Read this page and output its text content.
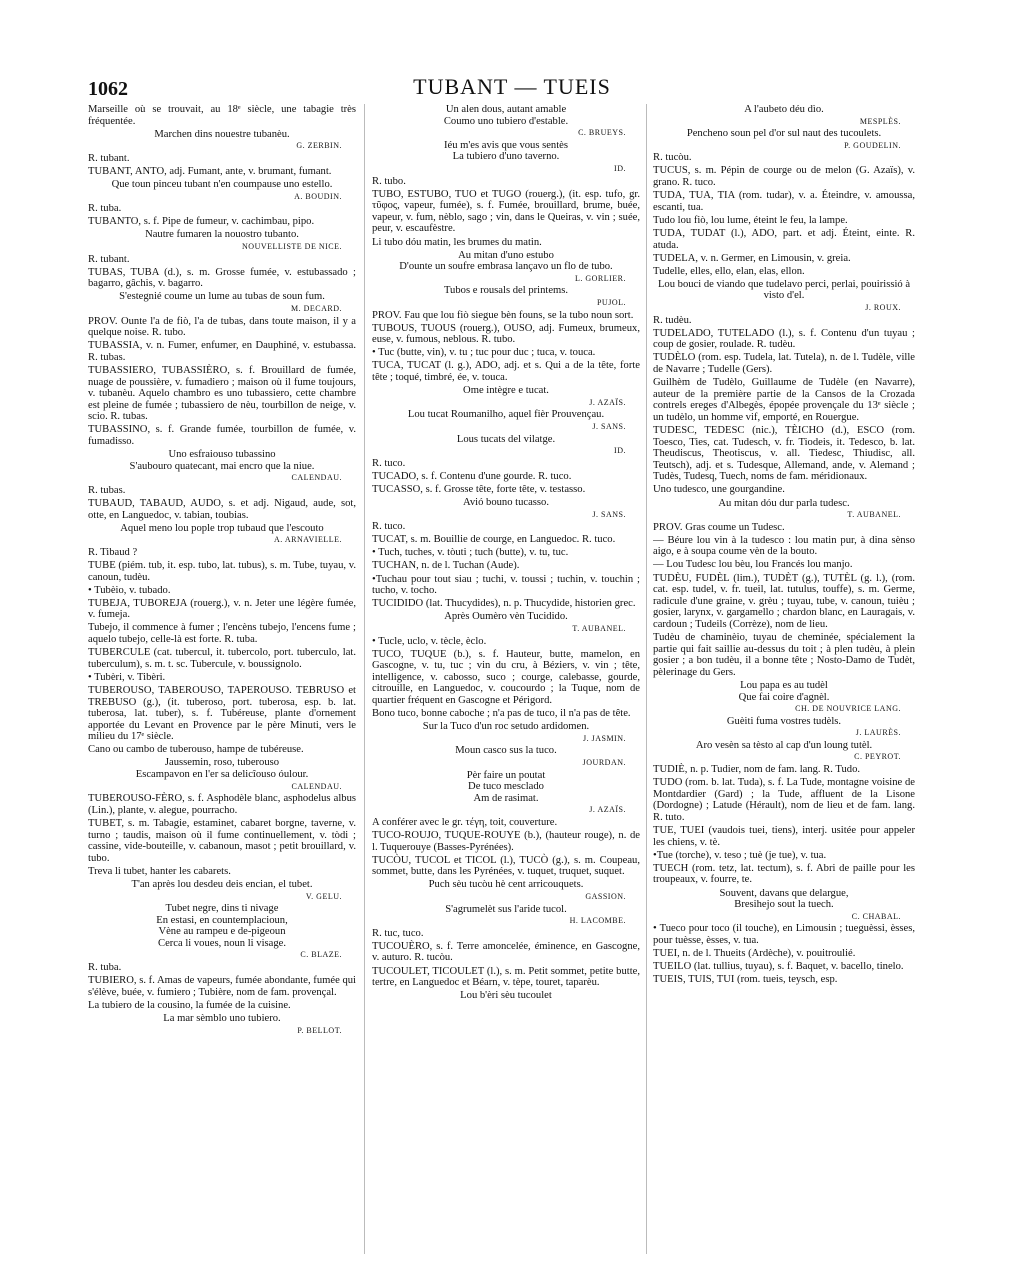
1062	TUBANT — TUEIS
Marseille où se trouvait, au 18ᵉ siècle, une tabagie très fréquentée.
Marchen dins nouestre tubanèu.
G. ZERBIN.
R. tubant.
TUBANT, ANTO, adj. Fumant, ante, v. brumant, fumant.
Que toun pinceu tubant n'en coumpause uno estello.
A. BOUDIN.
R. tuba.
TUBANTO, s. f. Pipe de fumeur, v. cachimbau, pipo.
Nautre fumaren la nouostro tubanto.
NOUVELLISTE DE NICE.
R. tubant.
TUBAS, TUBA (d.), s. m. Grosse fumée, v. estubassado ; bagarro, gâchis, v. bagarro.
S'estegnié coume un lume au tubas de soun fum.
M. DECARD.
PROV. Ounte l'a de fiò, l'a de tubas, dans toute maison, il y a quelque noise. R. tubo.
TUBASSIA, v. n. Fumer, enfumer, en Dauphiné, v. estubassa. R. tubas.
TUBASSIERO, TUBASSIÈRO, s. f. Brouillard de fumée, nuage de poussière, v. fumadiero ; maison où il fume toujours, v. tubanèu. Aquelo chambro es uno tubassiero, cette chambre est pleine de fumée ; tubassiero de nèu, tourbillon de neige, v. scio. R. tubas.
TUBASSINO, s. f. Grande fumée, tourbillon de fumée, v. fumadisso.
Uno esfraiouso tubassino
S'aubouro quatecant, mai encro que la niue.
CALENDAU.
R. tubas.
TUBAUD, TABAUD, AUDO, s. et adj. Nigaud, aude, sot, otte, en Languedoc, v. tabian, toubias.
Aquel meno lou pople trop tubaud que l'escouto
A. ARNAVIELLE.
R. Tibaud ?
TUBE (piém. tub, it. esp. tubo, lat. tubus), s. m. Tube, tuyau, v. canoun, tudèu.
• Tubèio, v. tubado.
TUBEJA, TUBOREJA (rouerg.), v. n. Jeter une légère fumée, v. fumeja.
Tubejo, il commence à fumer ; l'encèns tubejo, l'encens fume ; aquelo tubejo, celle-là est forte. R. tuba.
TUBERCULE (cat. tubercul, it. tubercolo, port. tuberculo, lat. tuberculum), s. m. t. sc. Tubercule, v. boussignolo.
• Tubèri, v. Tibèri.
TUBEROUSO, TABEROUSO, TAPEROUSO. TEBRUSO et TREBUSO (g.), (it. tuberoso, port. tuberosa, esp. b. lat. tuberosa, lat. tuber), s. f. Tubéreuse, plante d'ornement apportée du Levant en Provence par le père Minuti, vers le milieu du 17ᵉ siècle.
Cano ou cambo de tuberouso, hampe de tubéreuse.
Jaussemin, roso, tuberouso
Escampavon en l'er sa delicîouso óulour.
CALENDAU.
TUBEROUSO-FÈRO, s. f. Asphodèle blanc, asphodelus albus (Lin.), plante, v. alegue, pourracho.
TUBET, s. m. Tabagie, estaminet, cabaret borgne, taverne, v. turno ; taudis, maison où il fume continuellement, v. tòdi ; cassine, vide-bouteille, v. cabanoun, masot ; petit brouillard, v. tubo.
Treva li tubet, hanter les cabarets.
T'an après lou desdeu deis encian, el tubet.
V. GELU.
Tubet negre, dins ti nivage
En estasi, en countemplacioun,
Vène au rampeu e de-pigeoun
Cerca li voues, noun li visage.
C. BLAZE.
R. tuba.
TUBIERO, s. f. Amas de vapeurs, fumée abondante, fumée qui s'élève, buée, v. fumiero ; Tubière, nom de fam. provençal.
La tubiero de la cousino, la fumée de la cuisine.
La mar sèmblo uno tubiero.
P. BELLOT.
Un alen dous, autant amable
Coumo uno tubiero d'estable.
C. BRUEYS.
Iéu m'es avis que vous sentès
La tubiero d'uno taverno.
ID.
R. tubo.
TUBO, ESTUBO, TUO et TUGO (rouerg.), (it. esp. tufo, gr. τῦφος, vapeur, fumée), s. f. Fumée, brouillard, brume, buée, vapeur, v. fum, nèblo, sago ; vin, dans le Queiras, v. vin ; suée, peur, v. escaufèstre.
Li tubo dóu matin, les brumes du matin.
Au mitan d'uno estubo
D'ounte un soufre embrasa lançavo un flo de tubo.
L. GORLIER.
Tubos e rousals del printems.
PUJOL.
PROV. Fau que lou fiò siegue bèn founs, se la tubo noun sort.
TUBOUS, TUOUS (rouerg.), OUSO, adj. Fumeux, brumeux, euse, v. fumous, neblous. R. tubo.
• Tuc (butte, vin), v. tu ; tuc pour duc ; tuca, v. touca.
TUCA, TUCAT (l. g.), ADO, adj. et s. Qui a de la tête, forte tête ; toqué, timbré, ée, v. touca.
Ome intègre e tucat.
J. AZAÏS.
Lou tucat Roumanilho, aquel fièr Prouvençau.
J. SANS.
Lous tucats del vilatge.
ID.
R. tuco.
TUCADO, s. f. Contenu d'une gourde. R. tuco.
TUCASSO, s. f. Grosse tête, forte tête, v. testasso.
Avió bouno tucasso.
J. SANS.
R. tuco.
TUCAT, s. m. Bouillie de courge, en Languedoc. R. tuco.
• Tuch, tuches, v. tòuti ; tuch (butte), v. tu, tuc.
TUCHAN, n. de l. Tuchan (Aude).
•Tuchau pour tout siau ; tuchi, v. toussi ; tuchin, v. touchin ; tucho, v. tocho.
TUCIDIDO (lat. Thucydides), n. p. Thucydide, historien grec.
Après Oumèro vèn Tucidido.
T. AUBANEL.
• Tucle, uclo, v. tècle, èclo.
TUCO, TUQUE (b.), s. f. Hauteur, butte, mamelon, en Gascogne, v. tu, tuc ; vin du cru, à Béziers, v. vin ; tête, intelligence, v. cabosso, suco ; courge, calebasse, gourde, citrouille, en Languedoc, v. coucourdo ; la Tuque, nom de quartier fréquent en Gascogne et Périgord.
Bono tuco, bonne caboche ; n'a pas de tuco, il n'a pas de tête.
Sur la Tuco d'un roc setudo ardidomen.
J. JASMIN.
Moun casco sus la tuco.
JOURDAN.
Pèr faire un poutat
De tuco mesclado
Am de rasimat.
J. AZAÏS.
A conférer avec le gr. τέγη, toit, couverture.
TUCO-ROUJO, TUQUE-ROUYE (b.), (hauteur rouge), n. de l. Tuquerouye (Basses-Pyrénées).
TUCÒU, TUCOL et TICOL (l.), TUCÒ (g.), s. m. Coupeau, sommet, butte, dans les Pyrénées, v. tuquet, truquet, suquet.
Puch sèu tucòu hè cent arricouquets.
GASSION.
S'agrumelèt sus l'aride tucol.
H. LACOMBE.
R. tuc, tuco.
TUCOUÈRO, s. f. Terre amoncelée, éminence, en Gascogne, v. auturo. R. tucòu.
TUCOULET, TICOULET (l.), s. m. Petit sommet, petite butte, tertre, en Languedoc et Béarn, v. tèpe, touret, taparèu.
Lou b'èri sèu tucoulet
A l'aubeto déu dìo.
MESPLÈS.
Pencheno soun pel d'or sul naut des tucoulets.
P. GOUDELIN.
R. tucòu.
TUCUS, s. m. Pépin de courge ou de melon (G. Azaïs), v. grano. R. tuco.
TUDA, TUA, TIA (rom. tudar), v. a. Éteindre, v. amoussa, escanti, tua.
Tudo lou fiò, lou lume, éteint le feu, la lampe.
TUDA, TUDAT (l.), ADO, part. et adj. Éteint, einte. R. atuda.
TUDELA, v. n. Germer, en Limousin, v. greia.
Tudelle, elles, ello, elan, elas, ellon.
Lou bouci de viando que tudelavo perci, perlai, pouirissió à visto d'el.
J. ROUX.
R. tudèu.
TUDELADO, TUTELADO (l.), s. f. Contenu d'un tuyau ; coup de gosier, roulade. R. tudèu.
TUDÈLO (rom. esp. Tudela, lat. Tutela), n. de l. Tudèle, ville de Navarre ; Tudelle (Gers).
Guilhèm de Tudèlo, Guillaume de Tudèle (en Navarre), auteur de la première partie de la Cansos de la Crozada contrels ereges d'Albegès, épopée provençale du 13ᵉ siècle ; un tudèlo, un homme vif, emporté, en Rouergue.
TUDESC, TEDESC (nic.), TÈICHO (d.), ESCO (rom. Toesco, Ties, cat. Tudesch, v. fr. Tiodeis, it. Tedesco, b. lat. Theudiscus, Theotiscus, v. all. Tiedesc, Thiudisc, all. Teutsch), adj. et s. Tudesque, Allemand, ande, v. Alemand ; Tudès, Tudesq, Tuech, noms de fam. méridionaux.
Uno tudesco, une gourgandine.
Au mitan dóu dur parla tudesc.
T. AUBANEL.
PROV. Gras coume un Tudesc.
— Béure lou vin à la tudesco : lou matin pur, à dina sènso aigo, e à soupa coume vèn de la bouto.
— Lou Tudesc lou bèu, lou Francés lou manjo.
TUDÈU, FUDÈL (lim.), TUDÈT (g.), TUTÈL (g. l.), (rom. cat. esp. tudel, v. fr. tueil, lat. tutulus, touffe), s. m. Germe, radicule d'une graine, v. grèu ; tuyau, tube, v. canoun, tuièu ; gosier, larynx, v. gargamello ; chardon blanc, en Lauragais, v. cardoun ; Tudeils (Corrèze), nom de lieu.
Tudèu de chaminèio, tuyau de cheminée, spécialement la partie qui fait saillie au-dessus du toit ; à plen tudèu, à plein gosier ; a bon tudèu, il a bonne tête ; Nosto-Damo de Tudèt, pèlerinage du Gers.
Lou papa es au tudèl
Que fai coire d'agnèl.
CH. DE NOUVRICE LANG.
Guèiti fuma vostres tudèls.
J. LAURÈS.
Aro vesèn sa tèsto al cap d'un loung tutèl.
C. PEYROT.
TUDIÈ, n. p. Tudier, nom de fam. lang. R. Tudo.
TUDO (rom. b. lat. Tuda), s. f. La Tude, montagne voisine de Montdardier (Gard) ; la Tude, affluent de la Lisone (Dordogne) ; Latude (Hérault), nom de lieu et de fam. lang. R. tuto.
TUE, TUEI (vaudois tuei, tiens), interj. usitée pour appeler les chiens, v. tè.
•Tue (torche), v. teso ; tuè (je tue), v. tua.
TUECH (rom. tetz, lat. tectum), s. f. Abri de paille pour les troupeaux, v. fourre, te.
Souvent, davans que delargue,
Bresihejo sout la tuech.
C. CHABAL.
• Tueco pour toco (il touche), en Limousin ; tueguèssi, èsses, pour tuèsse, èsses, v. tua.
TUEI, n. de l. Thueits (Ardèche), v. pouitroulié.
TUEILO (lat. tullius, tuyau), s. f. Baquet, v. bacello, tinelo.
TUEIS, TUIS, TUI (rom. tueis, teysch, esp.
